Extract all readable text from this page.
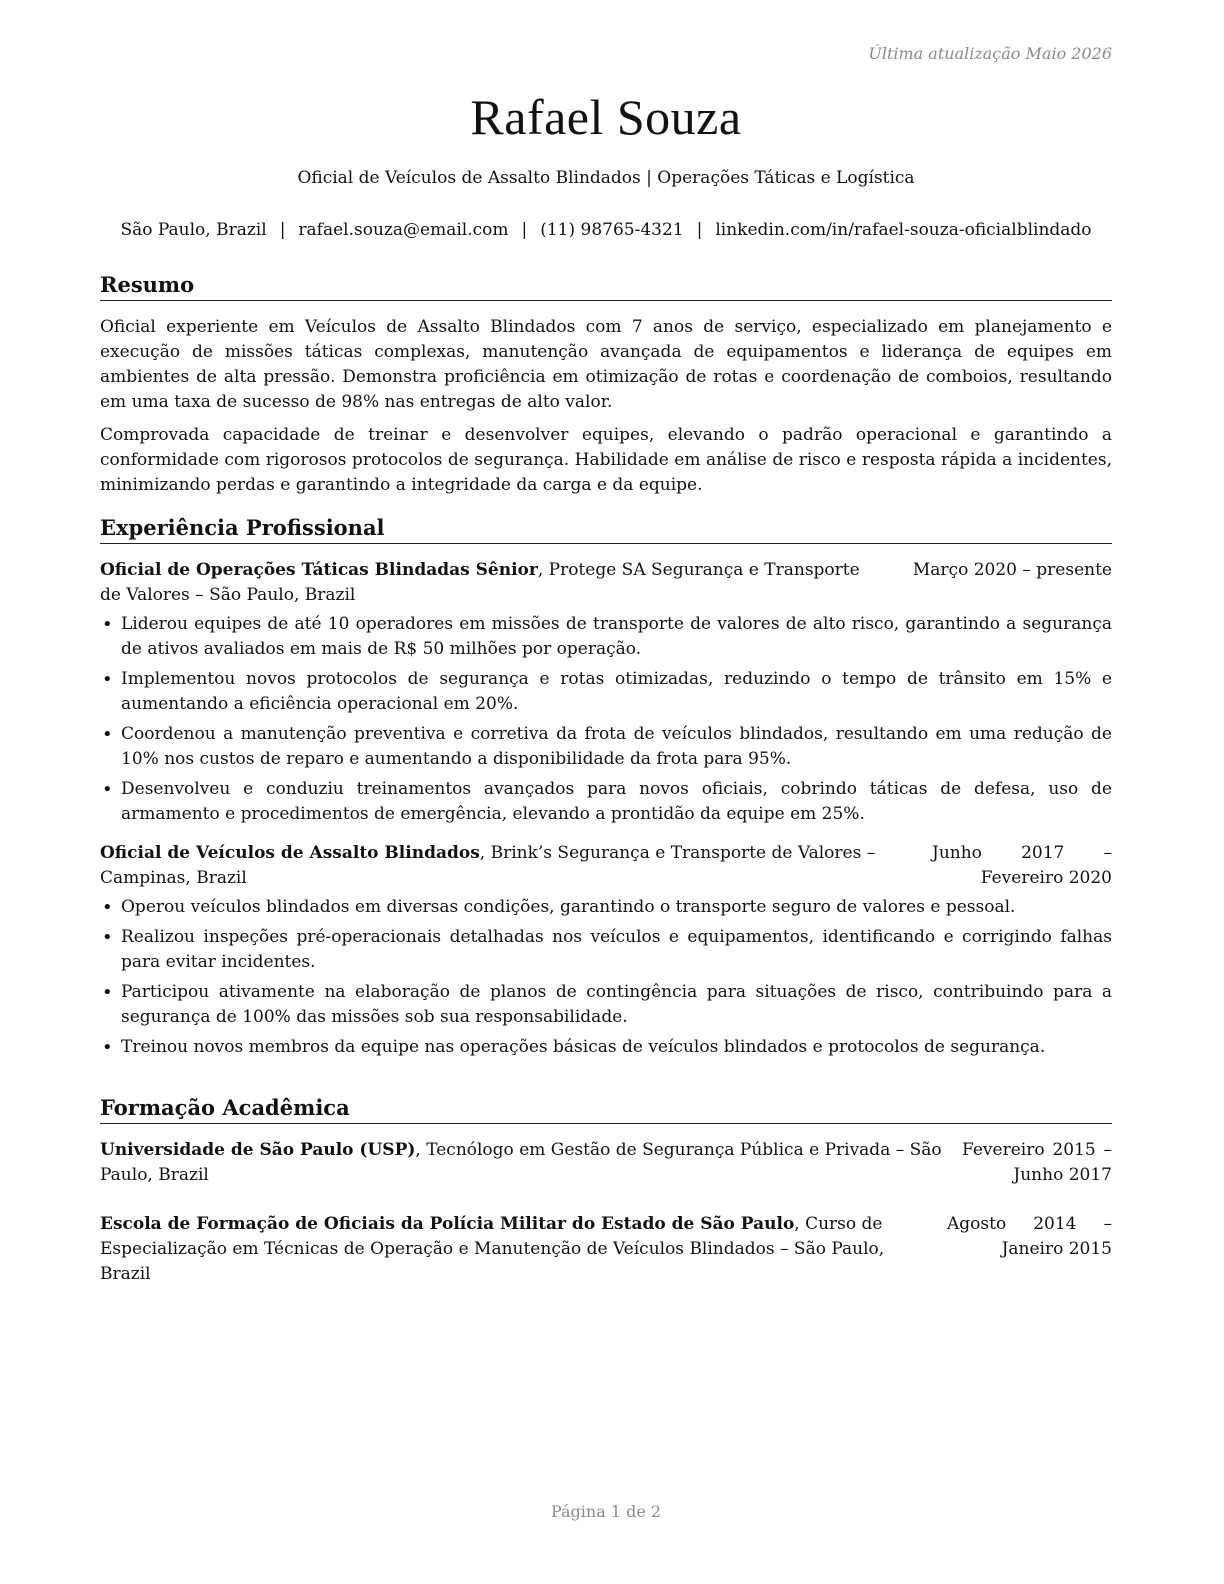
Última atualização Maio 2026
Rafael Souza
Oficial de Veículos de Assalto Blindados | Operações Táticas e Logística
São Paulo, Brazil | rafael.souza@email.com | (11) 98765-4321 | linkedin.com/in/rafael-souza-oficialblindado
Resumo

Oficial experiente em Veículos de Assalto Blindados com 7 anos de serviço, especializado em planejamento e execução de missões táticas complexas, manutenção avançada de equipamentos e liderança de equipes em ambientes de alta pressão. Demonstra proficiência em otimização de rotas e coordenação de comboios, resultando em uma taxa de sucesso de 98% nas entregas de alto valor.

Comprovada capacidade de treinar e desenvolver equipes, elevando o padrão operacional e garantindo a conformidade com rigorosos protocolos de segurança. Habilidade em análise de risco e resposta rápida a incidentes, minimizando perdas e garantindo a integridade da carga e da equipe.

Experiência Profissional
Oficial de Operações Táticas Blindadas Sênior, Protege SA Segurança e Transporte de Valores – São Paulo, Brazil
Março 2020 – presente
• Liderou equipes de até 10 operadores em missões de transporte de valores de alto risco, garantindo a segurança de ativos avaliados em mais de R$ 50 milhões por operação.
• Implementou novos protocolos de segurança e rotas otimizadas, reduzindo o tempo de trânsito em 15% e aumentando a eficiência operacional em 20%.
• Coordenou a manutenção preventiva e corretiva da frota de veículos blindados, resultando em uma redução de 10% nos custos de reparo e aumentando a disponibilidade da frota para 95%.
• Desenvolveu e conduziu treinamentos avançados para novos oficiais, cobrindo táticas de defesa, uso de armamento e procedimentos de emergência, elevando a prontidão da equipe em 25%.
Oficial de Veículos de Assalto Blindados, Brink’s Segurança e Transporte de Valores – Campinas, Brazil
Junho 2017 – Fevereiro 2020
• Operou veículos blindados em diversas condições, garantindo o transporte seguro de valores e pessoal.
• Realizou inspeções pré-operacionais detalhadas nos veículos e equipamentos, identificando e corrigindo falhas para evitar incidentes.
• Participou ativamente na elaboração de planos de contingência para situações de risco, contribuindo para a segurança de 100% das missões sob sua responsabilidade.
• Treinou novos membros da equipe nas operações básicas de veículos blindados e protocolos de segurança.
Formação Acadêmica
Universidade de São Paulo (USP), Tecnólogo em Gestão de Segurança Pública e Privada – São Paulo, Brazil
Fevereiro 2015 – Junho 2017
Escola de Formação de Oficiais da Polícia Militar do Estado de São Paulo, Curso de Especialização em Técnicas de Operação e Manutenção de Veículos Blindados – São Paulo, Brazil
Agosto 2014 – Janeiro 2015
Página 1 de 2
